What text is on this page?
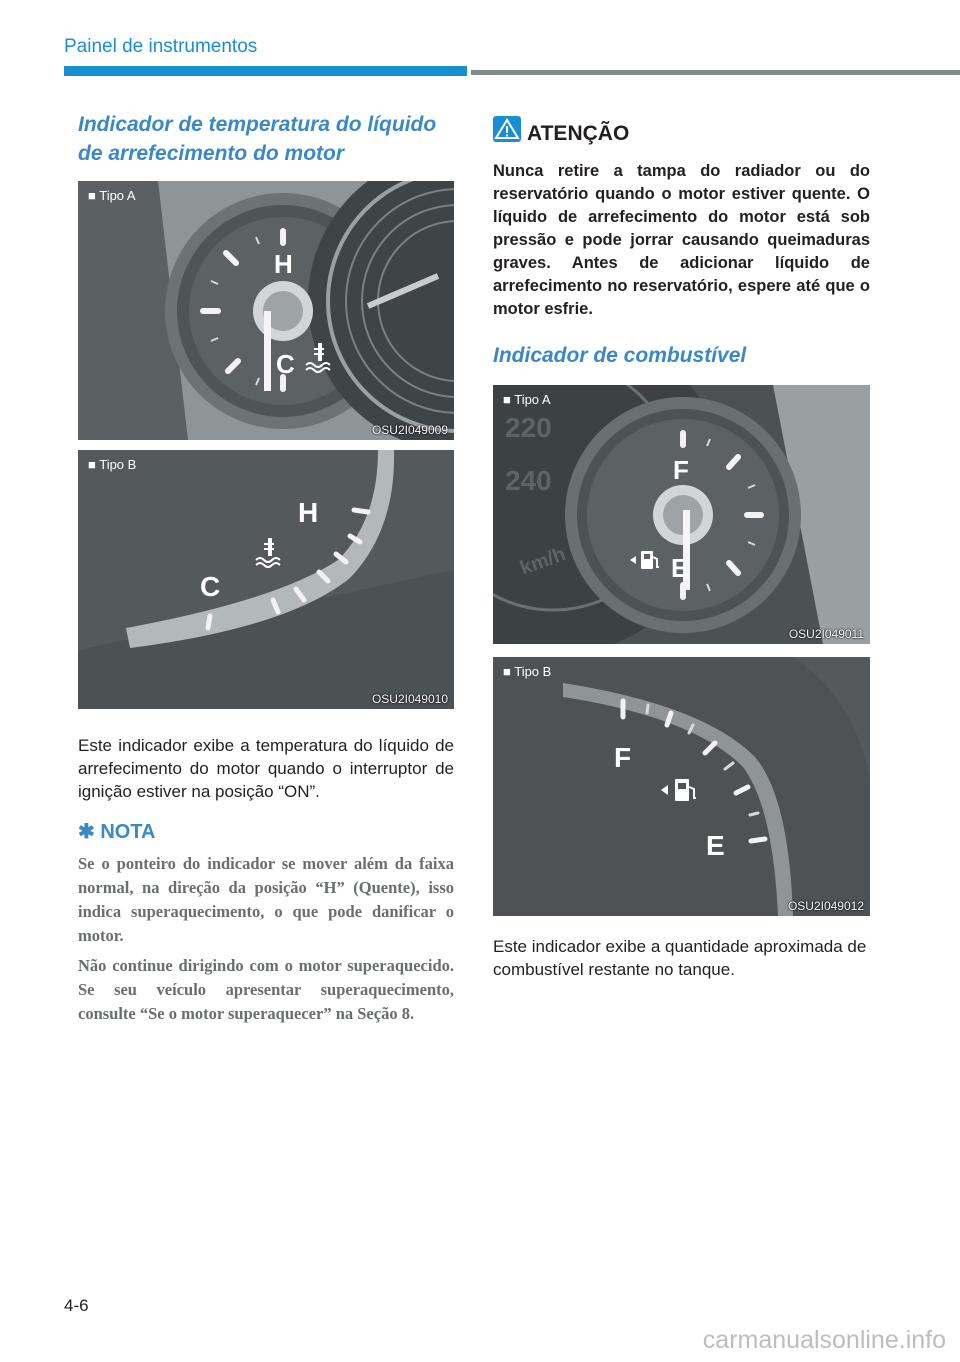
Painel de instrumentos

Indicador de temperatura do líquido de arrefecimento do motor

H
C
■ Tipo A
OSU2I049009
C
H
■ Tipo B
OSU2I049010

Este indicador exibe a temperatura do líquido de arrefecimento do motor quando o interruptor de ignição estiver na posição “ON”.

✱ NOTA

Se o ponteiro do indicador se mover além da faixa normal, na direção da posição “H” (Quente), isso indica superaquecimento, o que pode danificar o motor.

Não continue dirigindo com o motor superaquecido. Se seu veículo apresentar superaquecimento, consulte “Se o motor superaquecer” na Seção 8.

ATENÇÃO

Nunca retire a tampa do radiador ou do reservatório quando o motor estiver quente. O líquido de arrefecimento do motor está sob pressão e pode jorrar causando queimaduras graves. Antes de adicionar líquido de arrefecimento no reservatório, espere até que o motor esfrie.

Indicador de combustível

220
240
km/h
F
E
■ Tipo A
OSU2I049011
F
E
■ Tipo B
OSU2I049012

Este indicador exibe a quantidade aproximada de combustível restante no tanque.

4-6
carmanualsonline.info
